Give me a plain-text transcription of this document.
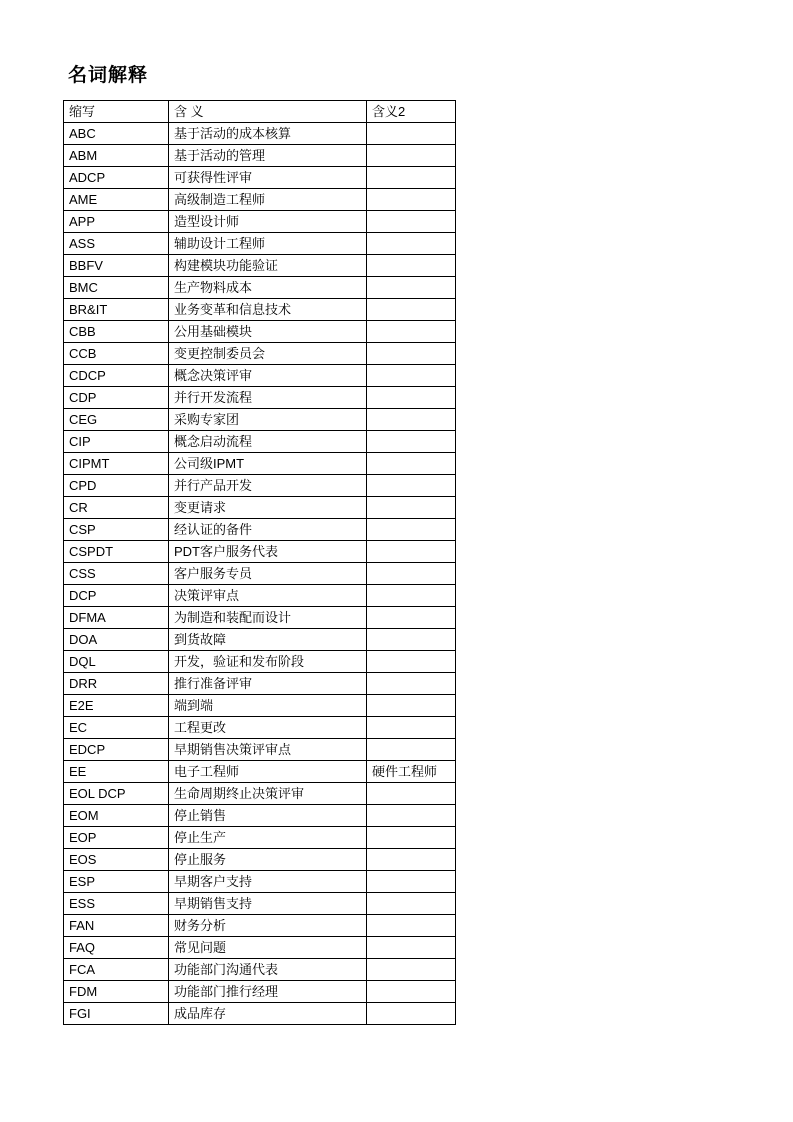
名词解释
缩写	含 义	含义2
ABC	基于活动的成本核算	
ABM	基于活动的管理	
ADCP	可获得性评审	
AME	高级制造工程师	
APP	造型设计师	
ASS	辅助设计工程师	
BBFV	构建模块功能验证	
BMC	生产物料成本	
BR&IT	业务变革和信息技术	
CBB	公用基础模块	
CCB	变更控制委员会	
CDCP	概念决策评审	
CDP	并行开发流程	
CEG	采购专家团	
CIP	概念启动流程	
CIPMT	公司级IPMT	
CPD	并行产品开发	
CR	变更请求	
CSP	经认证的备件	
CSPDT	PDT客户服务代表	
CSS	客户服务专员	
DCP	决策评审点	
DFMA	为制造和装配而设计	
DOA	到货故障	
DQL	开发，验证和发布阶段	
DRR	推行准备评审	
E2E	端到端	
EC	工程更改	
EDCP	早期销售决策评审点	
EE	电子工程师	硬件工程师
EOL DCP	生命周期终止决策评审	
EOM	停止销售	
EOP	停止生产	
EOS	停止服务	
ESP	早期客户支持	
ESS	早期销售支持	
FAN	财务分析	
FAQ	常见问题	
FCA	功能部门沟通代表	
FDM	功能部门推行经理	
FGI	成品库存	
